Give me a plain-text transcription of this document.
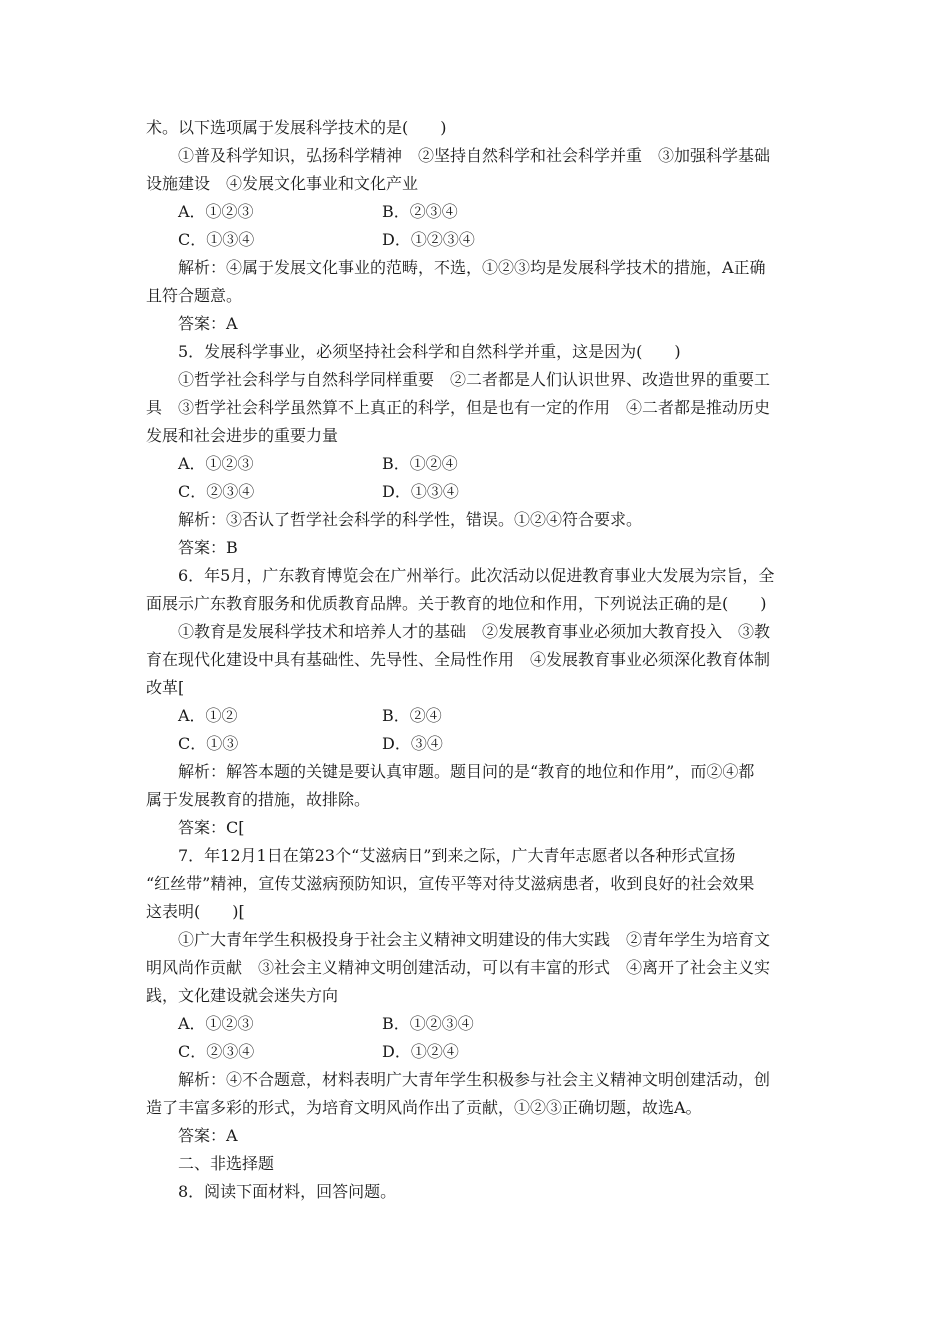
术。以下选项属于发展科学技术的是(　　)
①普及科学知识，弘扬科学精神　②坚持自然科学和社会科学并重　③加强科学基础
设施建设　④发展文化事业和文化产业
A．①②③	B．②③④
C．①③④	D．①②③④
解析：④属于发展文化事业的范畴，不选，①②③均是发展科学技术的措施，A正确
且符合题意。
答案：A
5．发展科学事业，必须坚持社会科学和自然科学并重，这是因为(　　)
①哲学社会科学与自然科学同样重要　②二者都是人们认识世界、改造世界的重要工
具　③哲学社会科学虽然算不上真正的科学，但是也有一定的作用　④二者都是推动历史
发展和社会进步的重要力量
A．①②③	B．①②④
C．②③④	D．①③④
解析：③否认了哲学社会科学的科学性，错误。①②④符合要求。
答案：B
6．年5月，广东教育博览会在广州举行。此次活动以促进教育事业大发展为宗旨，全
面展示广东教育服务和优质教育品牌。关于教育的地位和作用，下列说法正确的是(　　)
①教育是发展科学技术和培养人才的基础　②发展教育事业必须加大教育投入　③教
育在现代化建设中具有基础性、先导性、全局性作用　④发展教育事业必须深化教育体制
改革[
A．①②	B．②④
C．①③	D．③④
解析：解答本题的关键是要认真审题。题目问的是“教育的地位和作用”，而②④都
属于发展教育的措施，故排除。
答案：C[
7．年12月1日在第23个“艾滋病日”到来之际，广大青年志愿者以各种形式宣扬
“红丝带”精神，宣传艾滋病预防知识，宣传平等对待艾滋病患者，收到良好的社会效果
这表明(　　)[
①广大青年学生积极投身于社会主义精神文明建设的伟大实践　②青年学生为培育文
明风尚作贡献　③社会主义精神文明创建活动，可以有丰富的形式　④离开了社会主义实
践，文化建设就会迷失方向
A．①②③	B．①②③④
C．②③④	D．①②④
解析：④不合题意，材料表明广大青年学生积极参与社会主义精神文明创建活动，创
造了丰富多彩的形式，为培育文明风尚作出了贡献，①②③正确切题，故选A。
答案：A
二、非选择题
8．阅读下面材料，回答问题。
